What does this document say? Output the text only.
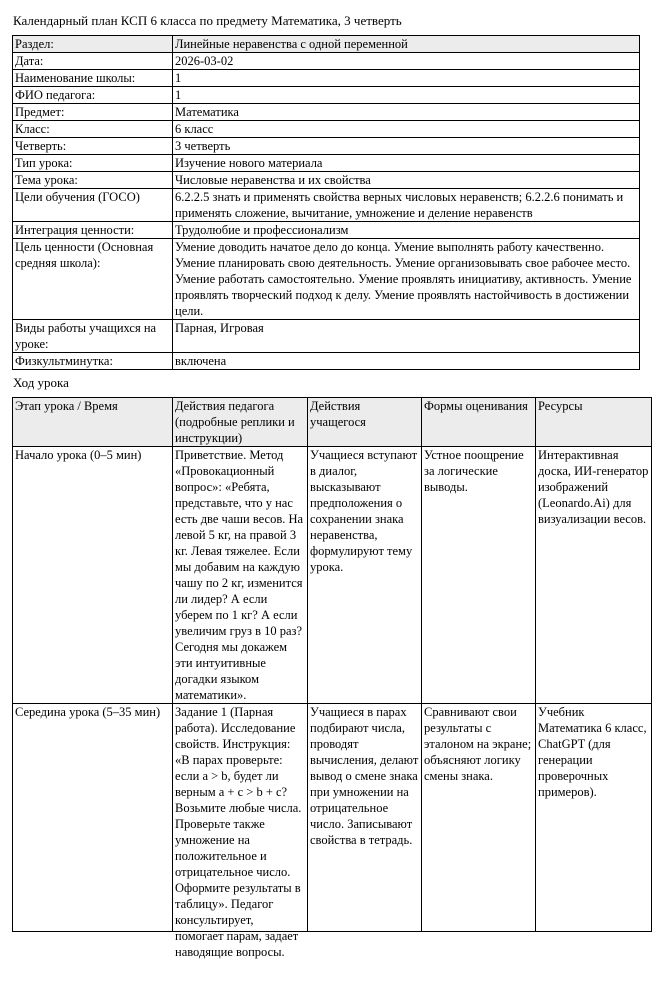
Календарный план КСП 6 класса по предмету Математика, 3 четверть
Раздел:	Линейные неравенства с одной переменной
Дата:	2026-03-02
Наименование школы:	1
ФИО педагога:	1
Предмет:	Математика
Класс:	6 класс
Четверть:	3 четверть
Тип урока:	Изучение нового материала
Тема урока:	Числовые неравенства и их свойства
Цели обучения (ГОСО)	6.2.2.5 знать и применять свойства верных числовых неравенств; 6.2.2.6 понимать и применять сложение, вычитание, умножение и деление неравенств
Интеграция ценности:	Трудолюбие и профессионализм
Цель ценности (Основная средняя школа):	Умение доводить начатое дело до конца. Умение выполнять работу качественно. Умение планировать свою деятельность. Умение организовывать свое рабочее место. Умение работать самостоятельно. Умение проявлять инициативу, активность. Умение проявлять творческий подход к делу. Умение проявлять настойчивость в достижении цели.
Виды работы учащихся на уроке:	Парная, Игровая
Физкультминутка:	включена
Ход урока
Этап урока / Время	Действия педагога (подробные реплики и инструкции)	Действия учащегося	Формы оценивания	Ресурсы
Начало урока (0–5 мин)	Приветствие. Метод «Провокационный вопрос»: «Ребята, представьте, что у нас есть две чаши весов. На левой 5 кг, на правой 3 кг. Левая тяжелее. Если мы добавим на каждую чашу по 2 кг, изменится ли лидер? А если уберем по 1 кг? А если увеличим груз в 10 раз? Сегодня мы докажем эти интуитивные догадки языком математики».	Учащиеся вступают в диалог, высказывают предположения о сохранении знака неравенства, формулируют тему урока.	Устное поощрение за логические выводы.	Интерактивная доска, ИИ-генератор изображений (Leonardo.Ai) для визуализации весов.

Середина урока (5–35 мин)	Задание 1 (Парная работа). Исследование свойств. Инструкция: «В парах проверьте: если a > b, будет ли верным a + c > b + c? Возьмите любые числа. Проверьте также умножение на положительное и отрицательное число. Оформите результаты в таблицу». Педагог консультирует, помогает парам, задает наводящие вопросы.	Учащиеся в парах подбирают числа, проводят вычисления, делают вывод о смене знака при умножении на отрицательное число. Записывают свойства в тетрадь.	Сравнивают свои результаты с эталоном на экране; объясняют логику смены знака.	Учебник Математика 6 класс, ChatGPT (для генерации проверочных примеров).
